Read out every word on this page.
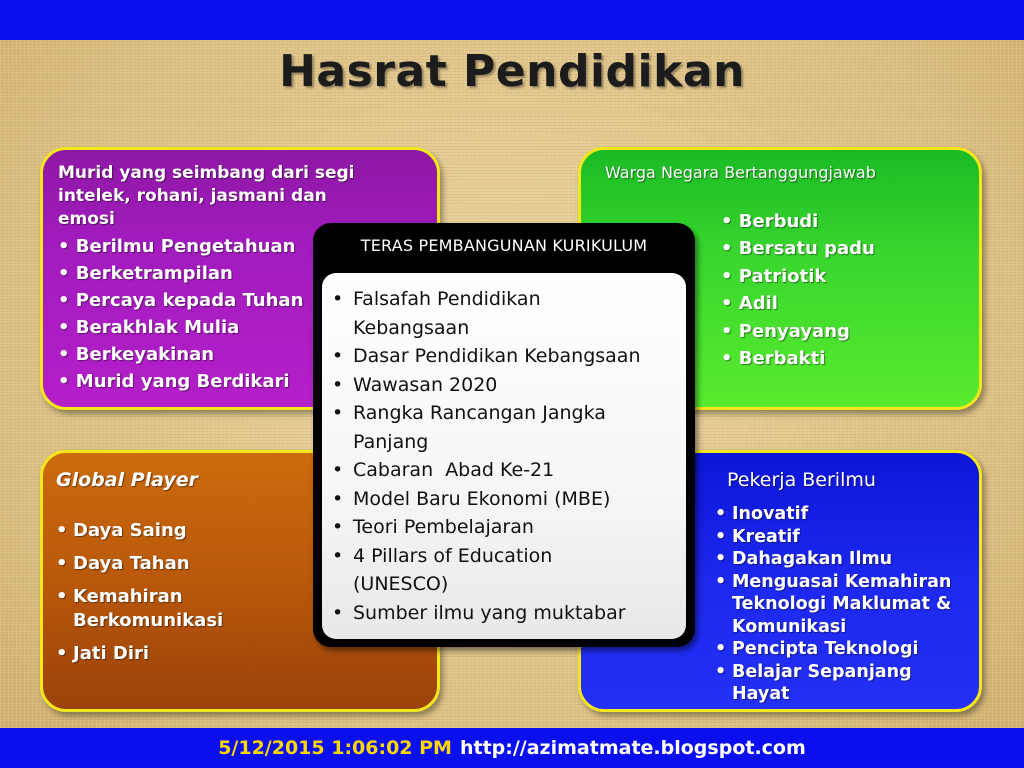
Hasrat Pendidikan
Murid yang seimbang dari segi intelek, rohani, jasmani dan emosi
• Berilmu Pengetahuan
• Berketrampilan
• Percaya kepada Tuhan
• Berakhlak Mulia
• Berkeyakinan
• Murid yang Berdikari
Warga Negara Bertanggungjawab
• Berbudi
• Bersatu padu
• Patriotik
• Adil
• Penyayang
• Berbakti
Global Player
• Daya Saing
• Daya Tahan
• Kemahiran Berkomunikasi
• Jati Diri
Pekerja Berilmu
• Inovatif
• Kreatif
• Dahagakan Ilmu
• Menguasai Kemahiran Teknologi Maklumat & Komunikasi
• Pencipta Teknologi
• Belajar Sepanjang Hayat
TERAS PEMBANGUNAN KURIKULUM
• Falsafah Pendidikan Kebangsaan
• Dasar Pendidikan Kebangsaan
• Wawasan 2020
• Rangka Rancangan Jangka Panjang
• Cabaran  Abad Ke-21
• Model Baru Ekonomi (MBE)
• Teori Pembelajaran
• 4 Pillars of Education (UNESCO)
• Sumber ilmu yang muktabar
5/12/2015 1:06:02 PM http://azimatmate.blogspot.com
